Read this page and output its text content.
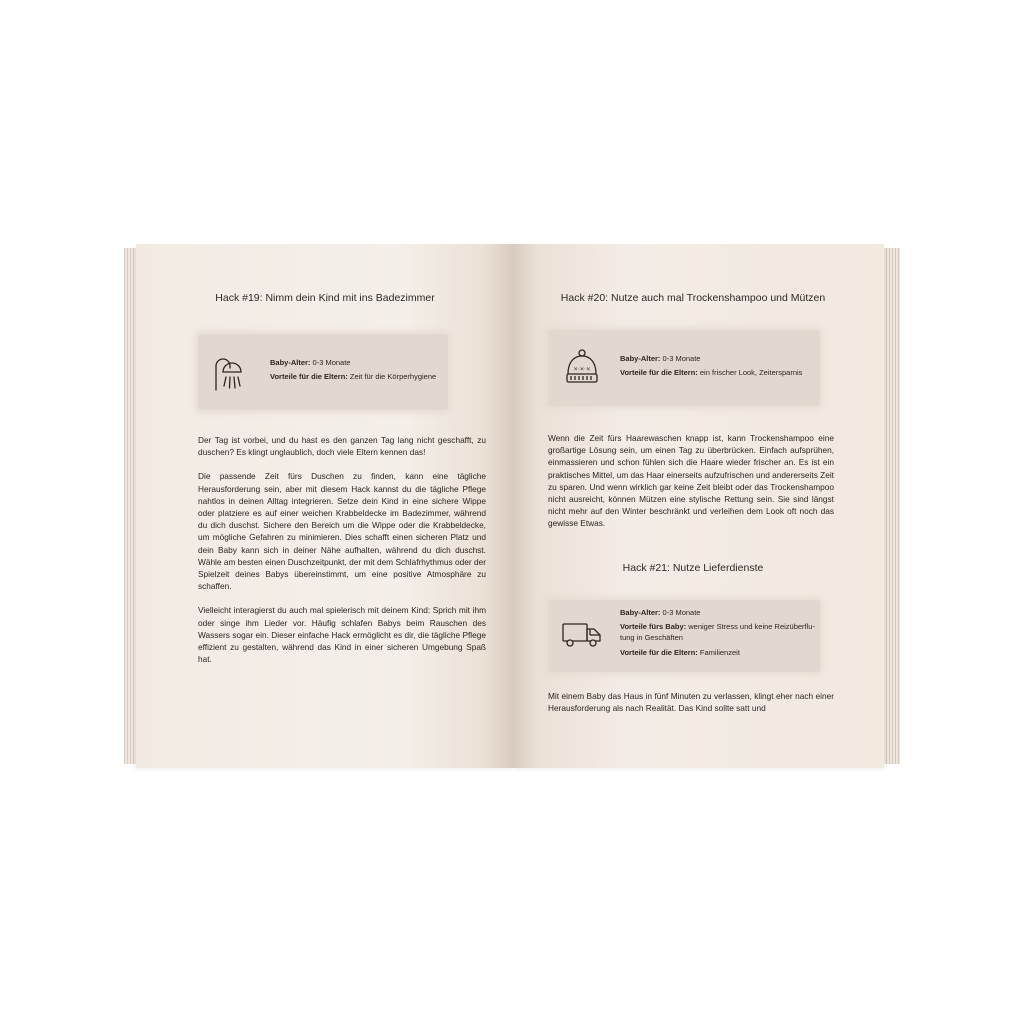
Hack #19: Nimm dein Kind mit ins Badezimmer
Baby-Alter: 0-3 Monate
Vorteile für die Eltern: Zeit für die Körperhygiene

Der Tag ist vorbei, und du hast es den ganzen Tag lang nicht geschafft, zu duschen? Es klingt unglaublich, doch viele Eltern kennen das!

Die passende Zeit fürs Duschen zu finden, kann eine tägliche Herausforderung sein, aber mit diesem Hack kannst du die tägliche Pflege nahtlos in deinen Alltag integrieren. Setze dein Kind in eine sichere Wippe oder platziere es auf einer weichen Krabbeldecke im Badezimmer, während du dich duschst. Sichere den Bereich um die Wippe oder die Krabbeldecke, um mögliche Gefahren zu minimieren. Dies schafft einen sicheren Platz und dein Baby kann sich in deiner Nähe aufhalten, während du dich duschst. Wähle am besten einen Duschzeitpunkt, der mit dem Schlafrhythmus oder der Spielzeit deines Babys übereinstimmt, um eine positive Atmosphäre zu schaffen.

Vielleicht interagierst du auch mal spielerisch mit deinem Kind: Sprich mit ihm oder singe ihm Lieder vor. Häufig schlafen Babys beim Rauschen des Wassers sogar ein. Dieser einfache Hack ermöglicht es dir, die tägliche Pflege effizient zu gestalten, während das Kind in einer sicheren Umgebung Spaß hat.

Hack #20: Nutze auch mal Trockenshampoo und Mützen
×·×·×
Baby-Alter: 0-3 Monate
Vorteile für die Eltern: ein frischer Look, Zeitersparnis

Wenn die Zeit fürs Haarewaschen knapp ist, kann Trockenshampoo eine großartige Lösung sein, um einen Tag zu überbrücken. Einfach aufsprühen, einmassieren und schon fühlen sich die Haare wieder frischer an. Es ist ein praktisches Mittel, um das Haar einerseits aufzufrischen und andererseits Zeit zu sparen. Und wenn wirklich gar keine Zeit bleibt oder das Trockenshampoo nicht ausreicht, können Mützen eine stylische Rettung sein. Sie sind längst nicht mehr auf den Winter beschränkt und verleihen dem Look oft noch das gewisse Etwas.

Hack #21: Nutze Lieferdienste
Baby-Alter: 0-3 Monate
Vorteile fürs Baby: weniger Stress und keine Reizüberflu-
tung in Geschäften
Vorteile für die Eltern: Familienzeit

Mit einem Baby das Haus in fünf Minuten zu verlassen, klingt eher nach einer Herausforderung als nach Realität. Das Kind sollte satt und
